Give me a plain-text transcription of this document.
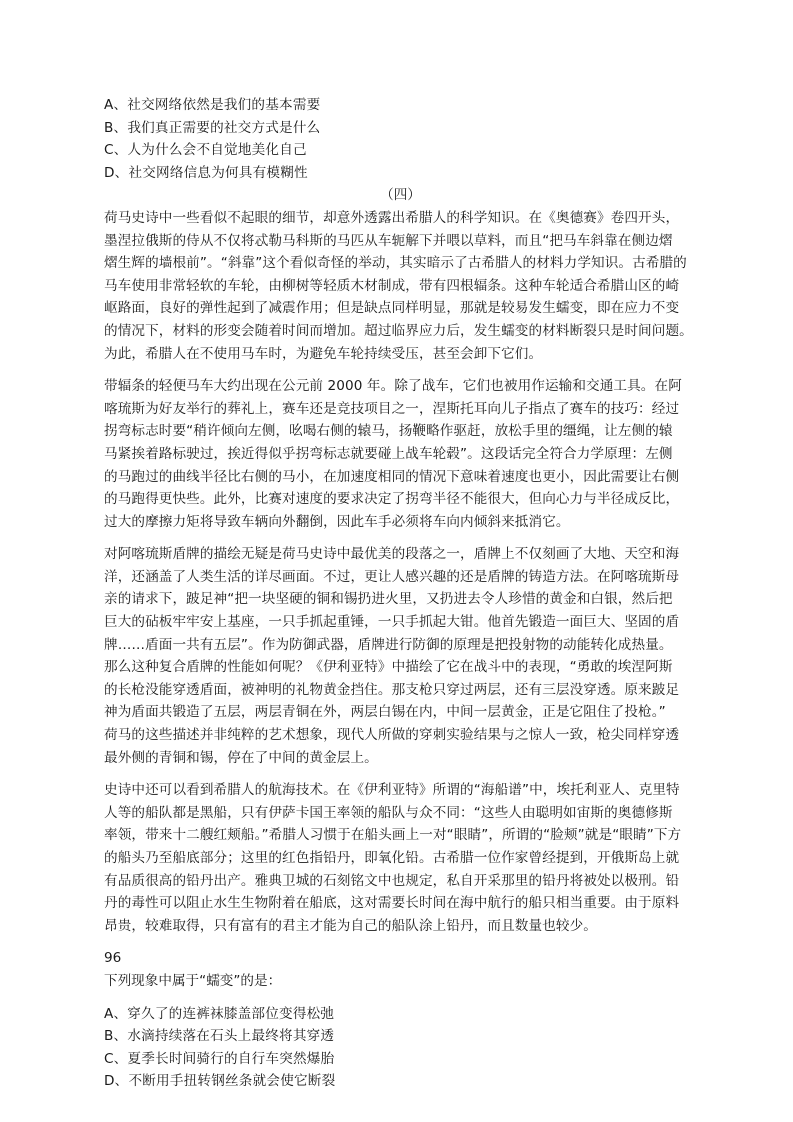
A、社交网络依然是我们的基本需要
B、我们真正需要的社交方式是什么
C、人为什么会不自觉地美化自己
D、社交网络信息为何具有模糊性
（四）
荷马史诗中一些看似不起眼的细节，却意外透露出希腊人的科学知识。在《奥德赛》卷四开头，
墨涅拉俄斯的侍从不仅将忒勒马科斯的马匹从车轭解下并喂以草料，而且“把马车斜靠在侧边熠
熠生辉的墙根前”。“斜靠”这个看似奇怪的举动，其实暗示了古希腊人的材料力学知识。古希腊的
马车使用非常轻软的车轮，由柳树等轻质木材制成，带有四根辐条。这种车轮适合希腊山区的崎
岖路面，良好的弹性起到了减震作用；但是缺点同样明显，那就是较易发生蠕变，即在应力不变
的情况下，材料的形变会随着时间而增加。超过临界应力后，发生蠕变的材料断裂只是时间问题。
为此，希腊人在不使用马车时，为避免车轮持续受压，甚至会卸下它们。
带辐条的轻便马车大约出现在公元前 2000 年。除了战车，它们也被用作运输和交通工具。在阿
喀琉斯为好友举行的葬礼上，赛车还是竞技项目之一，涅斯托耳向儿子指点了赛车的技巧：经过
拐弯标志时要“稍许倾向左侧，吆喝右侧的辕马，扬鞭略作驱赶，放松手里的缰绳，让左侧的辕
马紧挨着路标驶过，挨近得似乎拐弯标志就要碰上战车轮毂”。这段话完全符合力学原理：左侧
的马跑过的曲线半径比右侧的马小，在加速度相同的情况下意味着速度也更小，因此需要让右侧
的马跑得更快些。此外，比赛对速度的要求决定了拐弯半径不能很大，但向心力与半径成反比，
过大的摩擦力矩将导致车辆向外翻倒，因此车手必须将车向内倾斜来抵消它。
对阿喀琉斯盾牌的描绘无疑是荷马史诗中最优美的段落之一，盾牌上不仅刻画了大地、天空和海
洋，还涵盖了人类生活的详尽画面。不过，更让人感兴趣的还是盾牌的铸造方法。在阿喀琉斯母
亲的请求下，跛足神“把一块坚硬的铜和锡扔进火里，又扔进去令人珍惜的黄金和白银，然后把
巨大的砧板牢牢安上基座，一只手抓起重锤，一只手抓起大钳。他首先锻造一面巨大、坚固的盾
牌……盾面一共有五层”。作为防御武器，盾牌进行防御的原理是把投射物的动能转化成热量。
那么这种复合盾牌的性能如何呢？《伊利亚特》中描绘了它在战斗中的表现，“勇敢的埃涅阿斯
的长枪没能穿透盾面，被神明的礼物黄金挡住。那支枪只穿过两层，还有三层没穿透。原来跛足
神为盾面共锻造了五层，两层青铜在外，两层白锡在内，中间一层黄金，正是它阻住了投枪。”
荷马的这些描述并非纯粹的艺术想象，现代人所做的穿刺实验结果与之惊人一致，枪尖同样穿透
最外侧的青铜和锡，停在了中间的黄金层上。
史诗中还可以看到希腊人的航海技术。在《伊利亚特》所谓的“海船谱”中，埃托利亚人、克里特
人等的船队都是黑船，只有伊萨卡国王率领的船队与众不同：“这些人由聪明如宙斯的奥德修斯
率领，带来十二艘红颊船。”希腊人习惯于在船头画上一对“眼睛”，所谓的“脸颊”就是“眼睛”下方
的船头乃至船底部分；这里的红色指铅丹，即氧化铅。古希腊一位作家曾经提到，开俄斯岛上就
有品质很高的铅丹出产。雅典卫城的石刻铭文中也规定，私自开采那里的铅丹将被处以极刑。铅
丹的毒性可以阻止水生生物附着在船底，这对需要长时间在海中航行的船只相当重要。由于原料
昂贵，较难取得，只有富有的君主才能为自己的船队涂上铅丹，而且数量也较少。
96
下列现象中属于“蠕变”的是：
A、穿久了的连裤袜膝盖部位变得松弛
B、水滴持续落在石头上最终将其穿透
C、夏季长时间骑行的自行车突然爆胎
D、不断用手扭转钢丝条就会使它断裂
